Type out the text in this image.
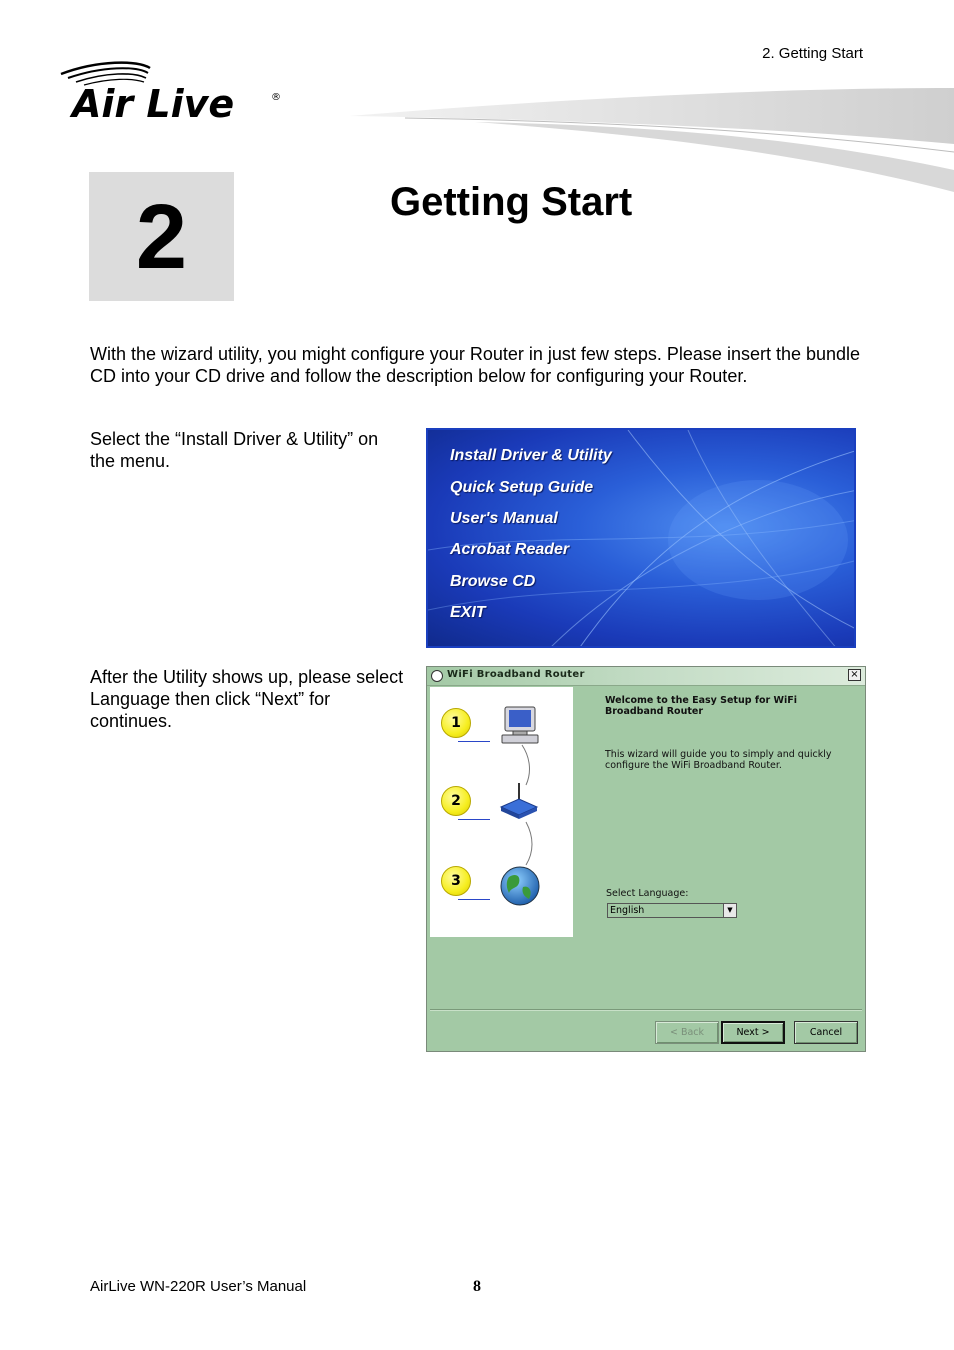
2. Getting Start
Air Live	®
2	Getting Start
With the wizard utility, you might configure your Router in just few steps. Please insert the bundle CD into your CD drive and follow the description below for configuring your Router.
Select the “Install Driver & Utility” on the menu.
After the Utility shows up, please select Language then click “Next” for continues.
Install Driver & Utility
Quick Setup Guide
User's Manual
Acrobat Reader
Browse CD
EXIT
WiFi Broadband Router	×
1
2
3
Welcome to the Easy Setup for WiFi Broadband Router
This wizard will guide you to simply and quickly configure the WiFi Broadband Router.
Select Language:
English	▼
< Back	Next >	Cancel
AirLive WN-220R User’s Manual	8
